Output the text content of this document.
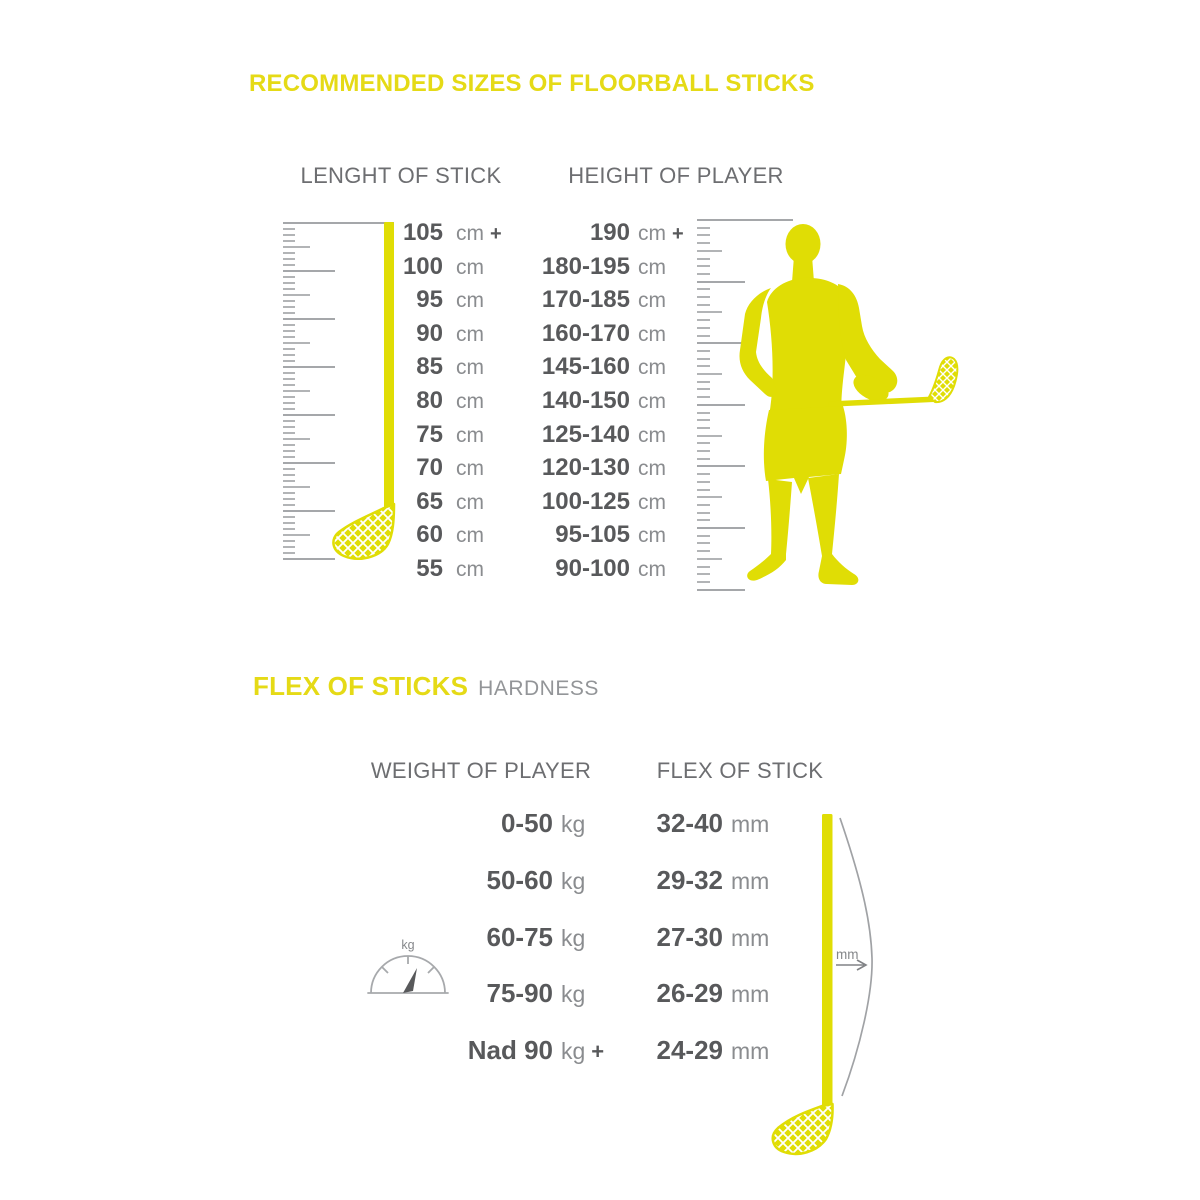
RECOMMENDED SIZES OF FLOORBALL STICKS
LENGHT OF STICK	HEIGHT OF PLAYER
105 cm +	190 cm +
100 cm	180-195 cm
95 cm	170-185 cm
90 cm	160-170 cm
85 cm	145-160 cm
80 cm	140-150 cm
75 cm	125-140 cm
70 cm	120-130 cm
65 cm	100-125 cm
60 cm	95-105 cm
55 cm	90-100 cm
FLEX OF STICKS HARDNESS
WEIGHT OF PLAYER	FLEX OF STICK
0-50 kg	32-40 mm
50-60 kg	29-32 mm
60-75 kg	27-30 mm
75-90 kg	26-29 mm
Nad 90 kg +	24-29 mm
kg
mm
